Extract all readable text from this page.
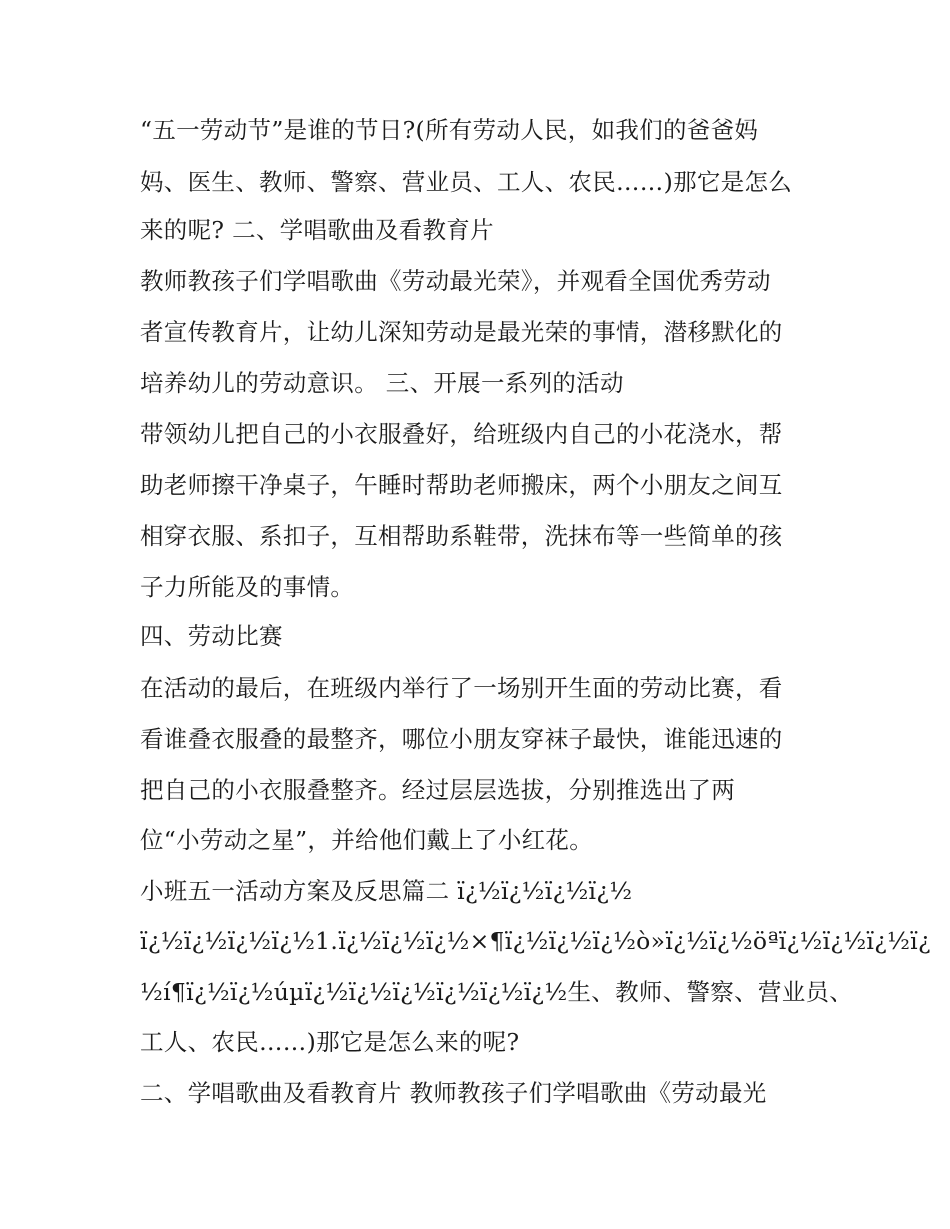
“五一劳动节”是谁的节日?(所有劳动人民，如我们的爸爸妈
妈、医生、教师、警察、营业员、工人、农民……)那它是怎么
来的呢? 二、学唱歌曲及看教育片
教师教孩子们学唱歌曲《劳动最光荣》，并观看全国优秀劳动
者宣传教育片，让幼儿深知劳动是最光荣的事情，潜移默化的
培养幼儿的劳动意识。 三、开展一系列的活动
带领幼儿把自己的小衣服叠好，给班级内自己的小花浇水，帮
助老师擦干净桌子，午睡时帮助老师搬床，两个小朋友之间互
相穿衣服、系扣子，互相帮助系鞋带，洗抹布等一些简单的孩
子力所能及的事情。
四、劳动比赛
在活动的最后，在班级内举行了一场别开生面的劳动比赛，看
看谁叠衣服叠的最整齐，哪位小朋友穿袜子最快，谁能迅速的
把自己的小衣服叠整齐。经过层层选拔，分别推选出了两
位“小劳动之星”，并给他们戴上了小红花。
小班五一活动方案及反思篇二 ï¿½ï¿½ï¿½ï¿½
ï¿½ï¿½ï¿½ï¿½1.ï¿½ï¿½ï¿½×¶ï¿½ï¿½ï¿½ò»ï¿½ï¿½öªï¿½ï¿½ï¿½ï¿
½í¶ï¿½ï¿½úµï¿½ï¿½ï¿½ï¿½ï¿½ï¿½生、教师、警察、营业员、
工人、农民……)那它是怎么来的呢?
二、学唱歌曲及看教育片 教师教孩子们学唱歌曲《劳动最光
